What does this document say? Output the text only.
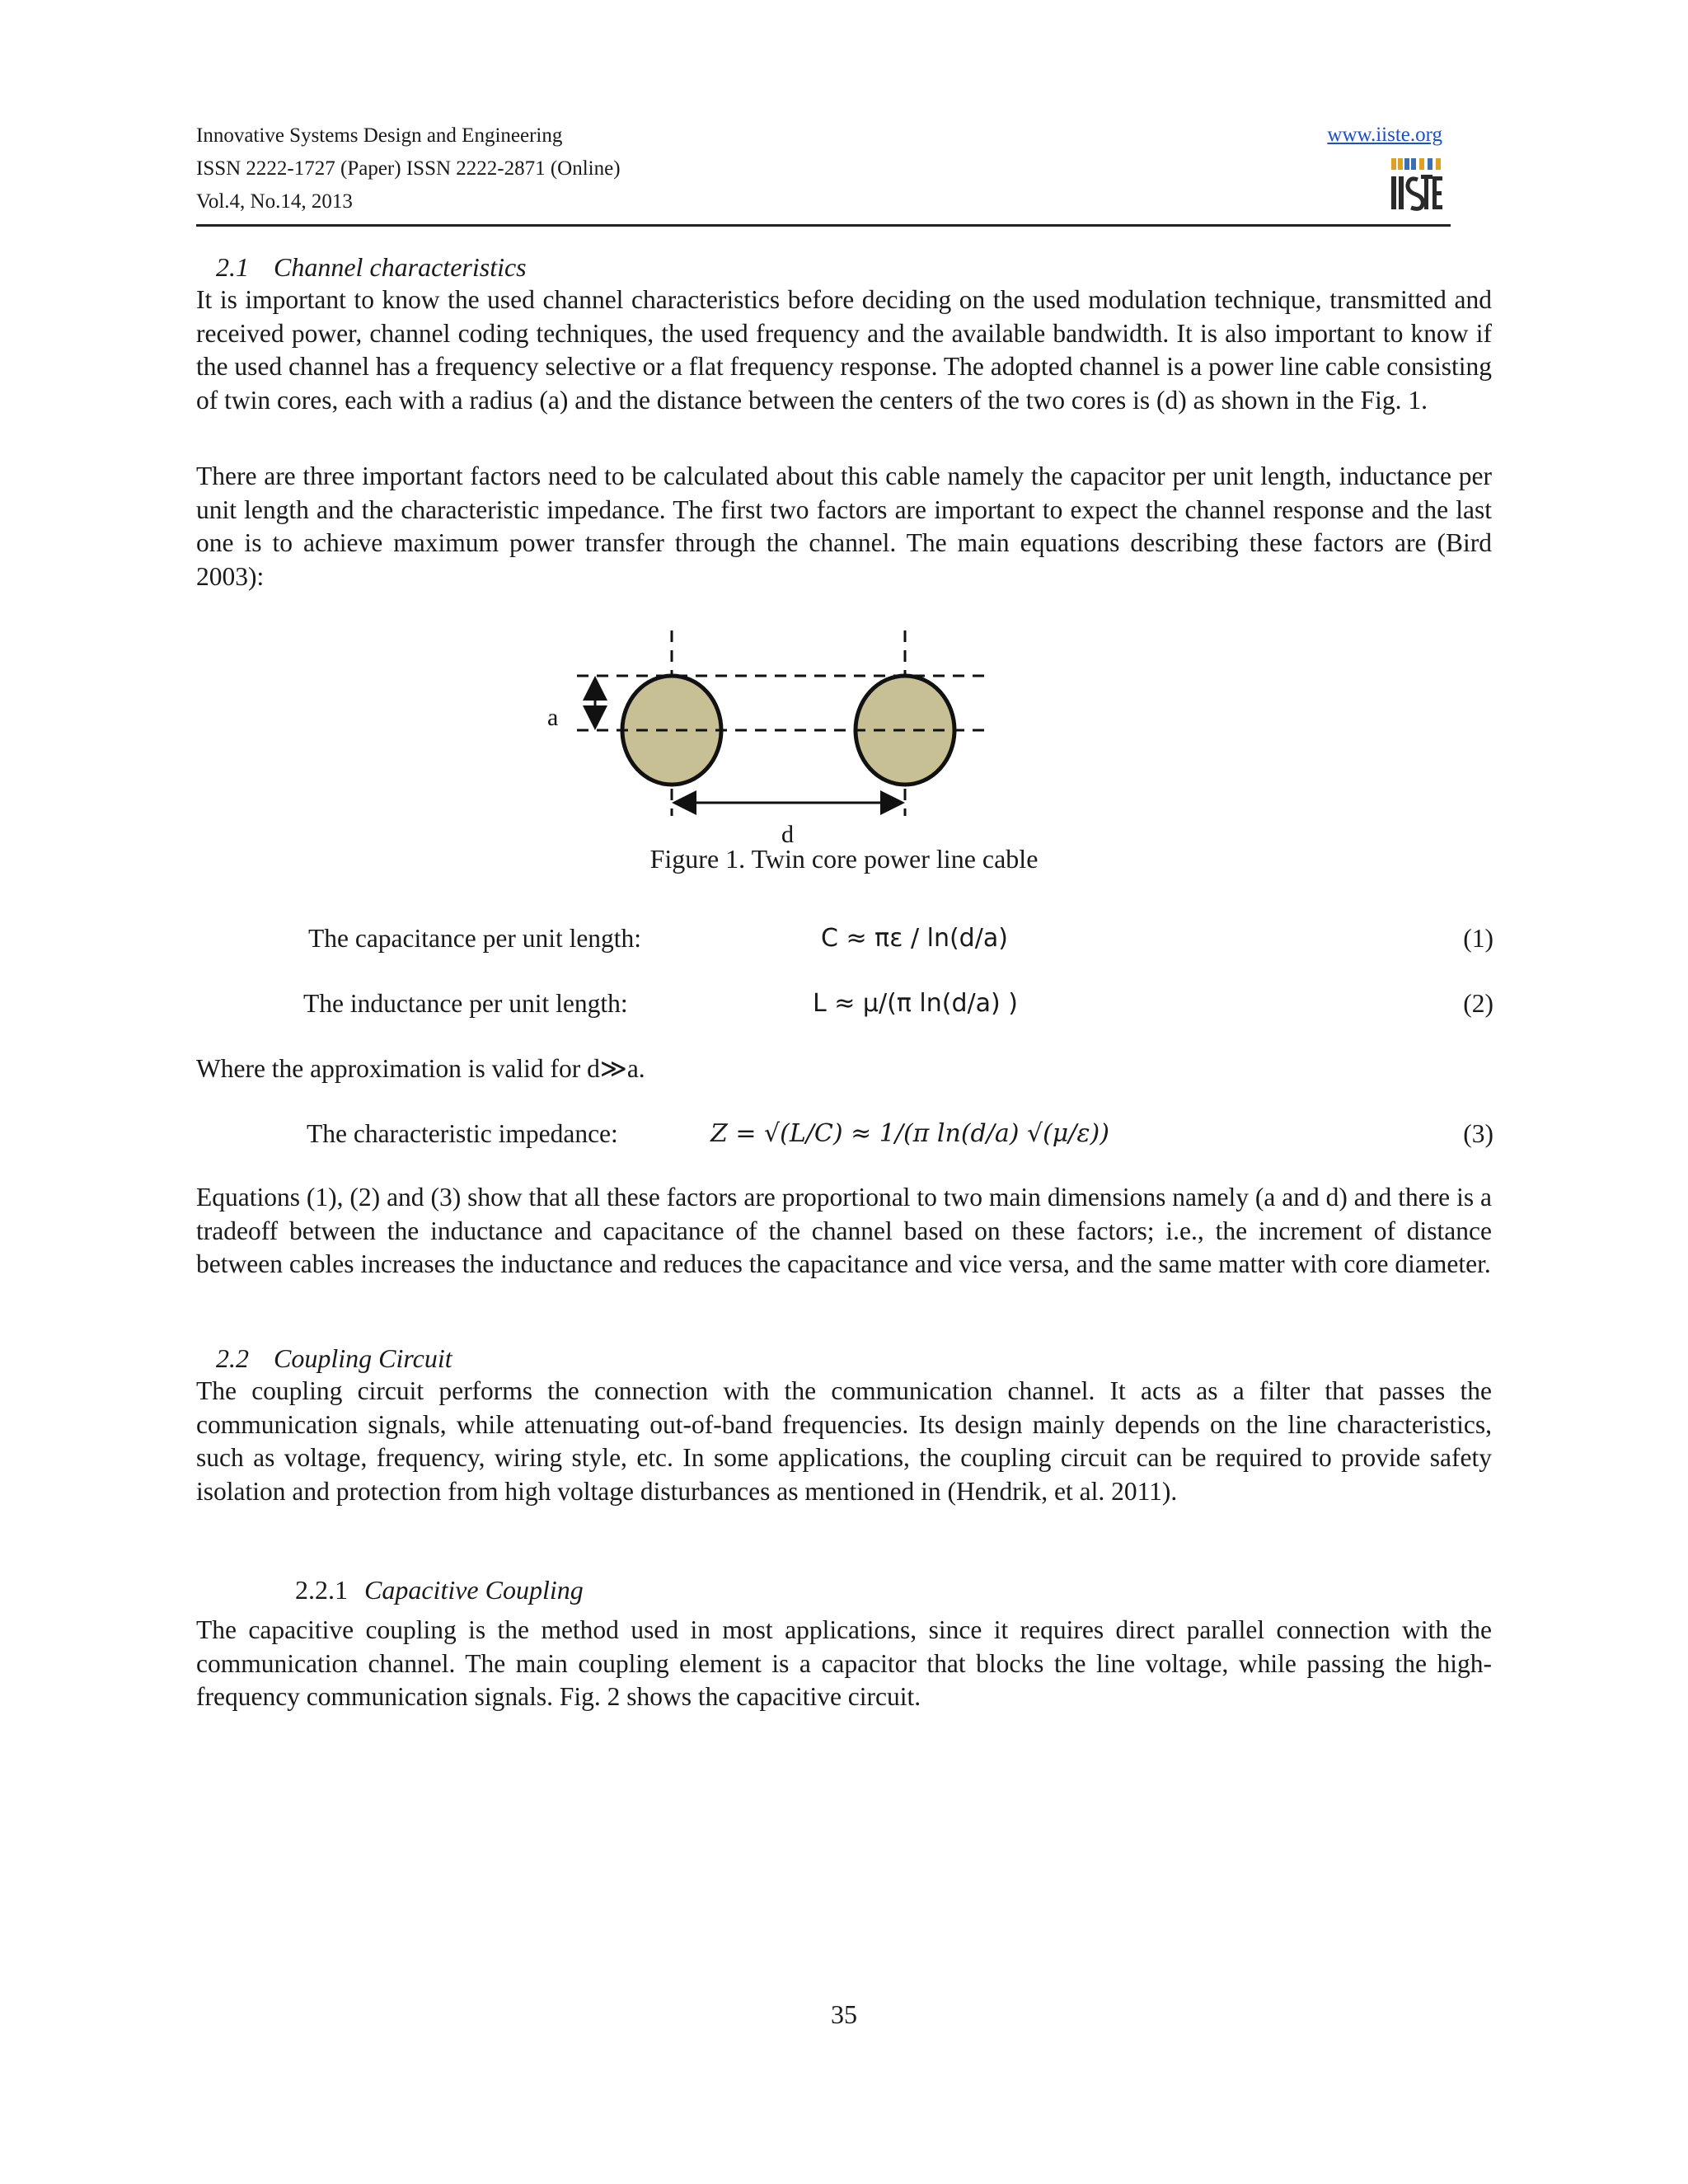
Innovative Systems Design and Engineering
ISSN 2222-1727 (Paper) ISSN 2222-2871 (Online)
Vol.4, No.14, 2013
www.iiste.org
2.1 Channel characteristics

It is important to know the used channel characteristics before deciding on the used modulation technique, transmitted and received power, channel coding techniques, the used frequency and the available bandwidth. It is also important to know if the used channel has a frequency selective or a flat frequency response. The adopted channel is a power line cable consisting of twin cores, each with a radius (a) and the distance between the centers of the two cores is (d) as shown in the Fig. 1.

There are three important factors need to be calculated about this cable namely the capacitor per unit length, inductance per unit length and the characteristic impedance. The first two factors are important to expect the channel response and the last one is to achieve maximum power transfer through the channel. The main equations describing these factors are (Bird 2003):

a
d
Figure 1. Twin core power line cable
The capacitance per unit length:	C ≈ πε / ln(d/a)	(1)
The inductance per unit length:	L ≈ μ/(π ln(d/a) )	(2)
Where the approximation is valid for d≫a.
The characteristic impedance:	Z = √(L/C) ≈ 1/(π ln(d/a) √(μ/ε))	(3)

Equations (1), (2) and (3) show that all these factors are proportional to two main dimensions namely (a and d) and there is a tradeoff between the inductance and capacitance of the channel based on these factors; i.e., the increment of distance between cables increases the inductance and reduces the capacitance and vice versa, and the same matter with core diameter.

2.2 Coupling Circuit

The coupling circuit performs the connection with the communication channel. It acts as a filter that passes the communication signals, while attenuating out-of-band frequencies. Its design mainly depends on the line characteristics, such as voltage, frequency, wiring style, etc. In some applications, the coupling circuit can be required to provide safety isolation and protection from high voltage disturbances as mentioned in (Hendrik, et al. 2011).

2.2.1 Capacitive Coupling

The capacitive coupling is the method used in most applications, since it requires direct parallel connection with the communication channel. The main coupling element is a capacitor that blocks the line voltage, while passing the high-frequency communication signals. Fig. 2 shows the capacitive circuit.

35
